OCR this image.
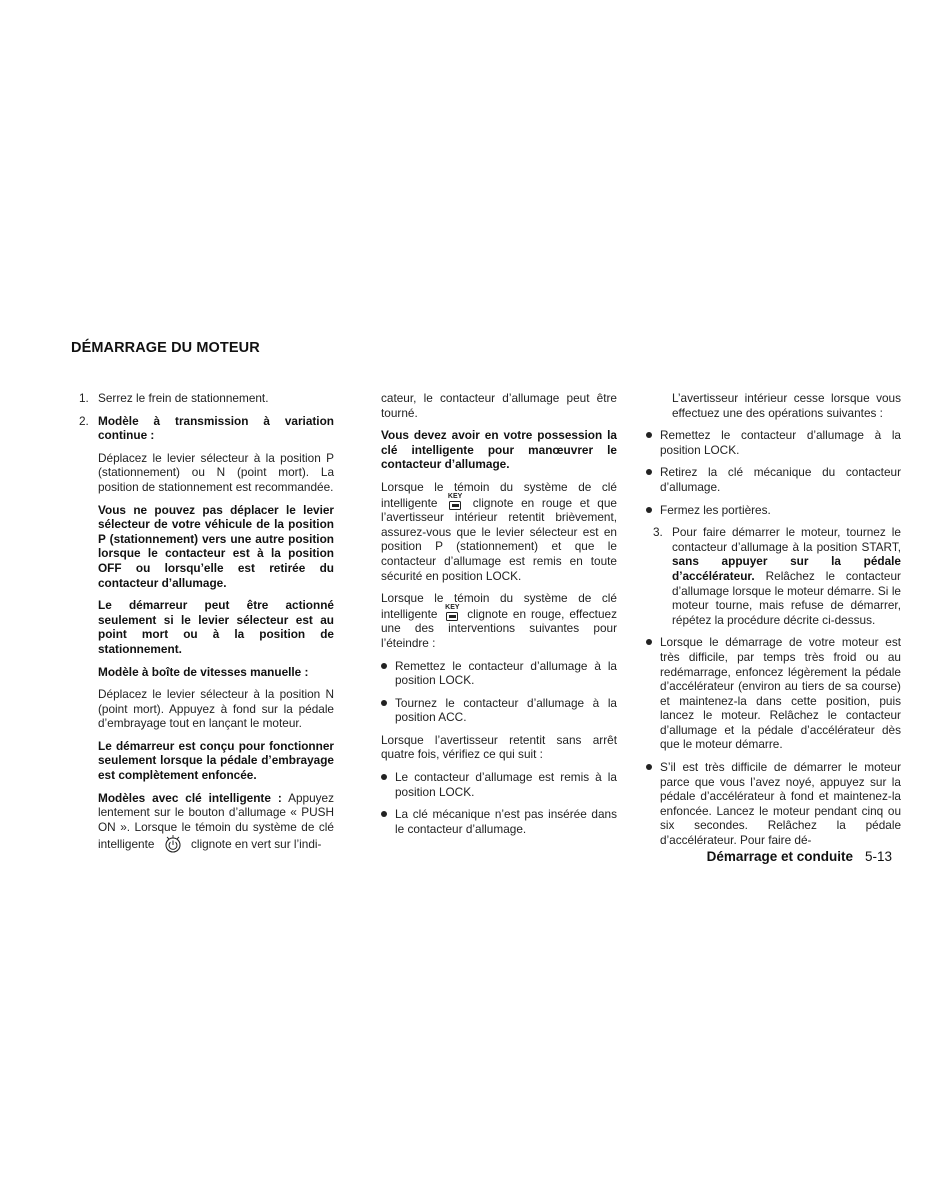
DÉMARRAGE DU MOTEUR

1. Serrez le frein de stationnement.

2. Modèle à transmission à variation continue :

Déplacez le levier sélecteur à la position P (stationnement) ou N (point mort). La position de stationnement est recommandée.

Vous ne pouvez pas déplacer le levier sélecteur de votre véhicule de la position P (stationnement) vers une autre position lorsque le contacteur est à la position OFF ou lorsqu’elle est retirée du contacteur d’allumage.

Le démarreur peut être actionné seulement si le levier sélecteur est au point mort ou à la position de stationnement.

Modèle à boîte de vitesses manuelle :

Déplacez le levier sélecteur à la position N (point mort). Appuyez à fond sur la pédale d’embrayage tout en lançant le moteur.

Le démarreur est conçu pour fonctionner seulement lorsque la pédale d’embrayage est complètement enfoncée.

Modèles avec clé intelligente : Appuyez lentement sur le bouton d’allumage « PUSH ON ». Lorsque le témoin du système de clé intelligente	clignote en vert sur l’indi-

cateur, le contacteur d’allumage peut être tourné.

Vous devez avoir en votre possession la clé intelligente pour manœuvrer le contacteur d’allumage.

Lorsque le témoin du système de clé intelligente KEY clignote en rouge et que l’avertisseur intérieur retentit brièvement, assurez-vous que le levier sélecteur est en position P (stationnement) et que le contacteur d’allumage est remis en toute sécurité en position LOCK.

Lorsque le témoin du système de clé intelligente KEY clignote en rouge, effectuez une des interventions suivantes pour l’éteindre :

Remettez le contacteur d’allumage à la position LOCK.

Tournez le contacteur d’allumage à la position ACC.

Lorsque l’avertisseur retentit sans arrêt quatre fois, vérifiez ce qui suit :

Le contacteur d’allumage est remis à la position LOCK.

La clé mécanique n’est pas insérée dans le contacteur d’allumage.

L’avertisseur intérieur cesse lorsque vous effectuez une des opérations suivantes :

Remettez le contacteur d’allumage à la position LOCK.

Retirez la clé mécanique du contacteur d’allumage.

Fermez les portières.

3. Pour faire démarrer le moteur, tournez le contacteur d’allumage à la position START, sans appuyer sur la pédale d’accélérateur. Relâchez le contacteur d’allumage lorsque le moteur démarre. Si le moteur tourne, mais refuse de démarrer, répétez la procédure décrite ci-dessus.

Lorsque le démarrage de votre moteur est très difficile, par temps très froid ou au redémarrage, enfoncez légèrement la pédale d’accélérateur (environ au tiers de sa course) et maintenez-la dans cette position, puis lancez le moteur. Relâchez le contacteur d’allumage et la pédale d’accélérateur dès que le moteur démarre.

S’il est très difficile de démarrer le moteur parce que vous l’avez noyé, appuyez sur la pédale d’accélérateur à fond et maintenez-la enfoncée. Lancez le moteur pendant cinq ou six secondes. Relâchez la pédale d’accélérateur. Pour faire dé-

Démarrage et conduite 5-13
